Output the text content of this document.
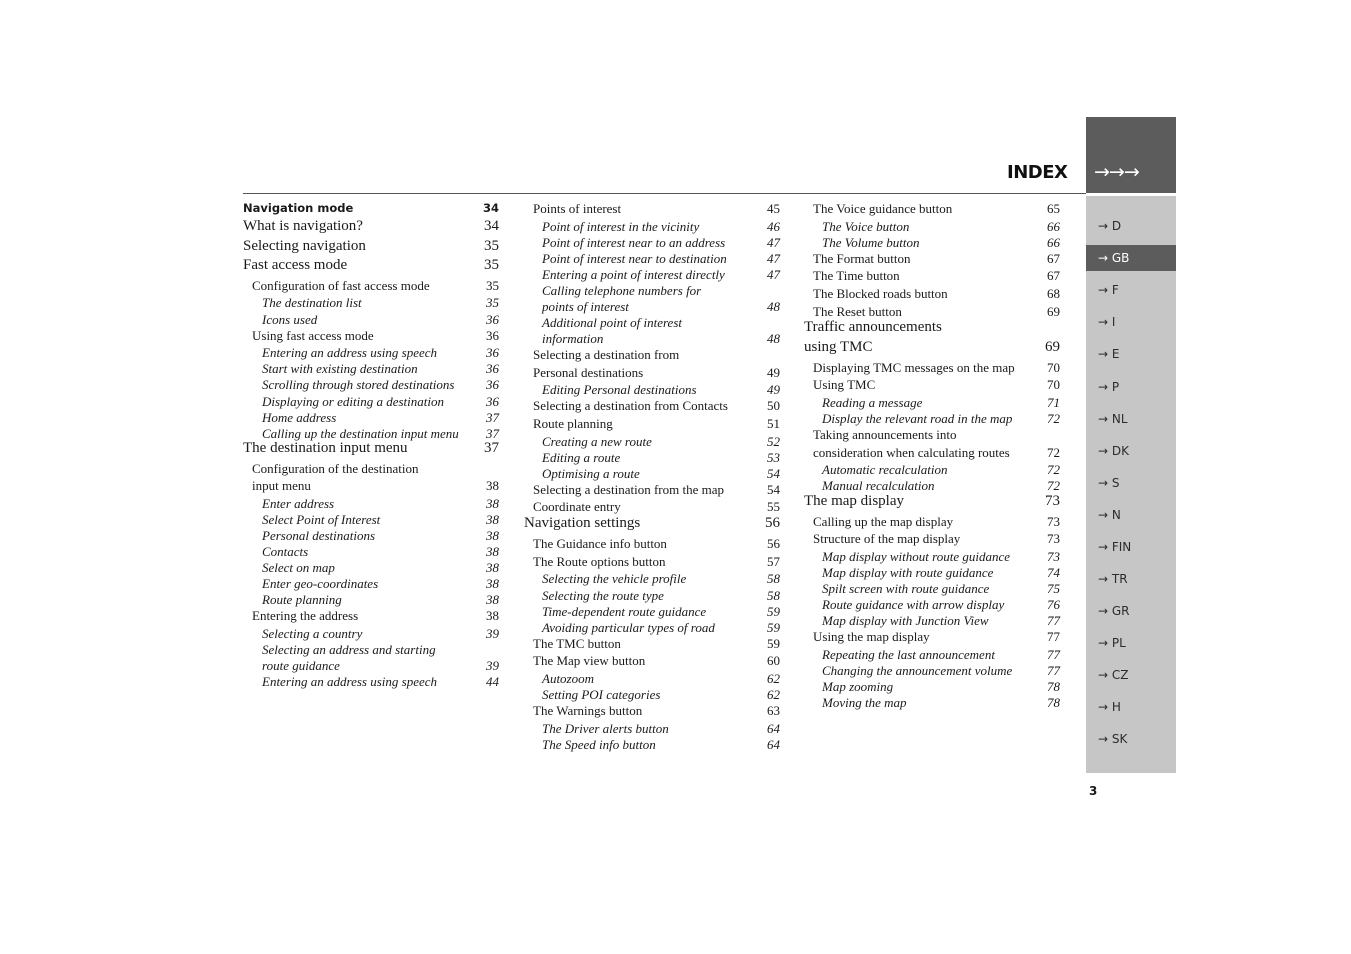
→→→
INDEX
→ D
→ GB
→ F
→ I
→ E
→ P
→ NL
→ DK
→ S
→ N
→ FIN
→ TR
→ GR
→ PL
→ CZ
→ H
→ SK
Navigation mode	34
What is navigation?	34
Selecting navigation	35
Fast access mode	35
Configuration of fast access mode	35
The destination list	35
Icons used	36
Using fast access mode	36
Entering an address using speech	36
Start with existing destination	36
Scrolling through stored destinations 36
Displaying or editing a destination	36
Home address	37
Calling up the destination input menu 37
The destination input menu	37
Configuration of the destination
input menu	38
Enter address	38
Select Point of Interest	38
Personal destinations	38
Contacts	38
Select on map	38
Enter geo-coordinates	38
Route planning	38
Entering the address	38
Selecting a country	39
Selecting an address and starting
route guidance	39
Entering an address using speech	44
Points of interest	45
Point of interest in the vicinity	46
Point of interest near to an address	47
Point of interest near to destination	47
Entering a point of interest directly	47
Calling telephone numbers for
points of interest	48
Additional point of interest
information	48
Selecting a destination from
Personal destinations	49
Editing Personal destinations	49
Selecting a destination from Contacts	50
Route planning	51
Creating a new route	52
Editing a route	53
Optimising a route	54
Selecting a destination from the map	54
Coordinate entry	55
Navigation settings	56
The Guidance info button	56
The Route options button	57
Selecting the vehicle profile	58
Selecting the route type	58
Time-dependent route guidance	59
Avoiding particular types of road	59
The TMC button	59
The Map view button	60
Autozoom	62
Setting POI categories	62
The Warnings button	63
The Driver alerts button	64
The Speed info button	64
The Voice guidance button	65
The Voice button	66
The Volume button	66
The Format button	67
The Time button	67
The Blocked roads button	68
The Reset button	69
Traffic announcements
using TMC	69
Displaying TMC messages on the map 70
Using TMC	70
Reading a message	71
Display the relevant road in the map	72
Taking announcements into
consideration when calculating routes	72
Automatic recalculation	72
Manual recalculation	72
The map display	73
Calling up the map display	73
Structure of the map display	73
Map display without route guidance	73
Map display with route guidance	74
Spilt screen with route guidance	75
Route guidance with arrow display	76
Map display with Junction View	77
Using the map display	77
Repeating the last announcement	77
Changing the announcement volume	77
Map zooming	78
Moving the map	78
3
